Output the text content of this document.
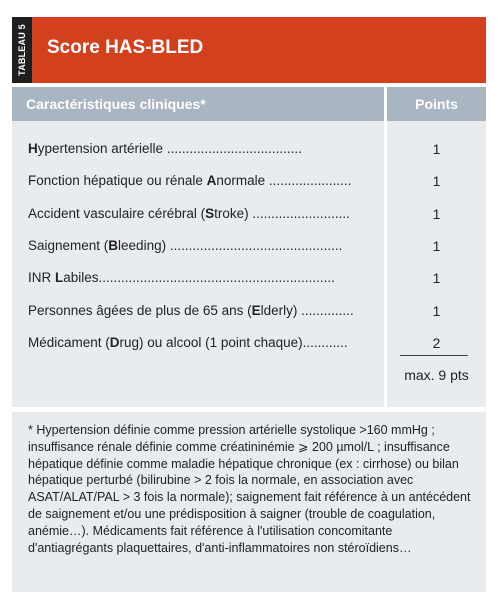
TABLEAU 5 Score HAS-BLED
Caractéristiques cliniques*	Points
Hypertension artérielle ....................................	1
Fonction hépatique ou rénale Anormale ......................	1
Accident vasculaire cérébral (Stroke) ..........................	1
Saignement (Bleeding) ..............................................	1
INR Labiles...............................................................	1
Personnes âgées de plus de 65 ans (Elderly) ..............	1
Médicament (Drug) ou alcool (1 point chaque)............	2
max. 9 pts

* Hypertension définie comme pression artérielle systolique >160 mmHg ; insuffisance rénale définie comme créatininémie ⩾ 200 µmol/L ; insuffisance hépatique définie comme maladie hépatique chronique (ex : cirrhose) ou bilan hépatique perturbé (bilirubine > 2 fois la normale, en association avec ASAT/ALAT/PAL > 3 fois la normale); saignement fait référence à un antécédent de saignement et/ou une prédisposition à saigner (trouble de coagulation, anémie…). Médicaments fait référence à l'utilisation concomitante d'antiagrégants plaquettaires, d'anti-inflammatoires non stéroïdiens…
